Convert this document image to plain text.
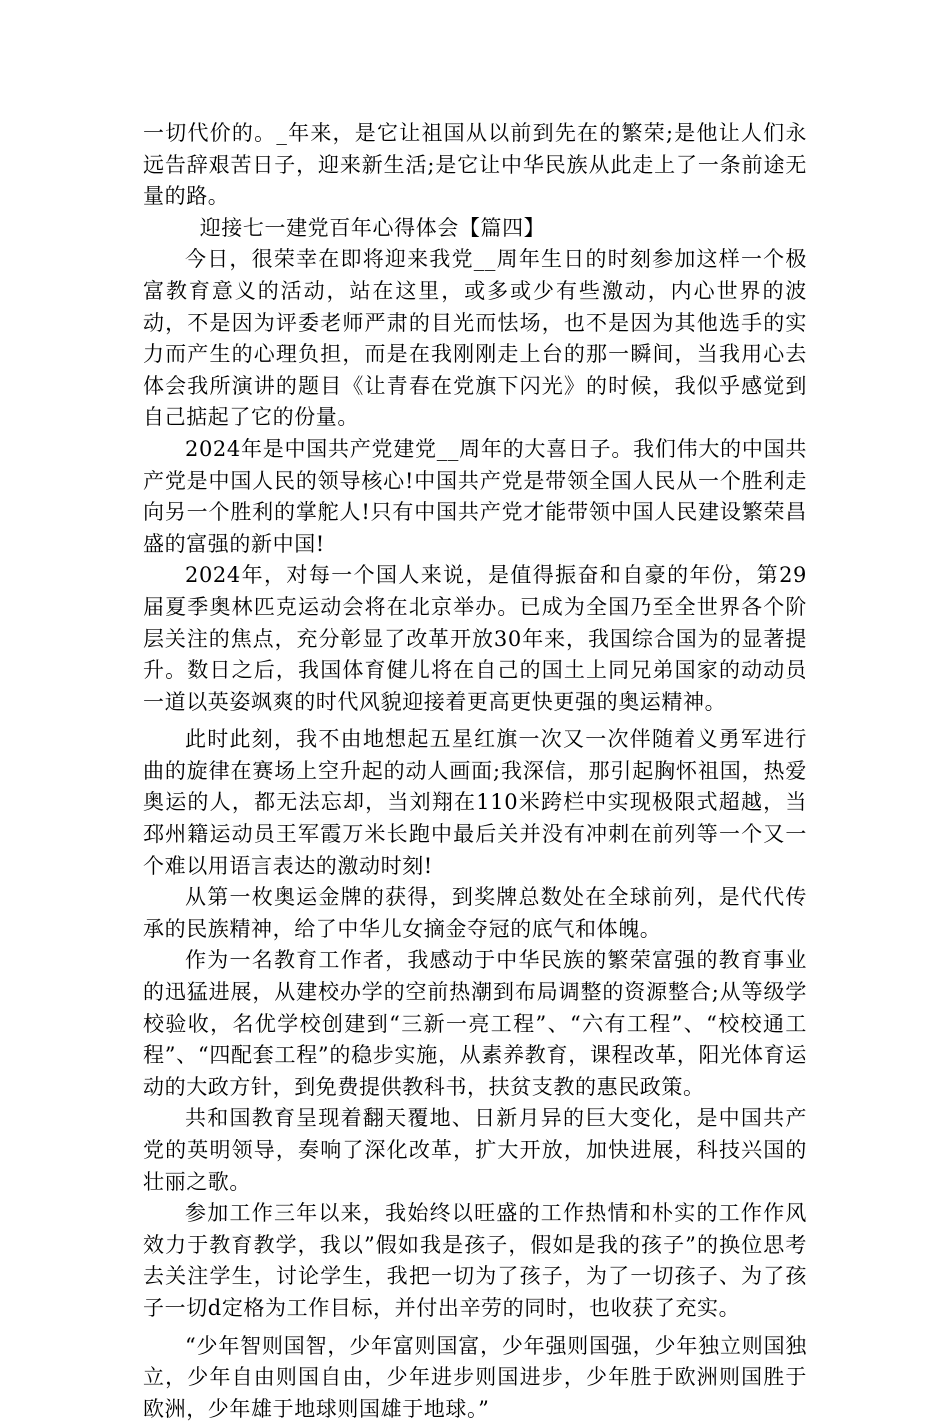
一切代价的。_年来，是它让祖国从以前到先在的繁荣;是他让人们永远告辞艰苦日子，迎来新生活;是它让中华民族从此走上了一条前途无量的路。

迎接七一建党百年心得体会【篇四】

今日，很荣幸在即将迎来我党__周年生日的时刻参加这样一个极富教育意义的活动，站在这里，或多或少有些激动，内心世界的波动，不是因为评委老师严肃的目光而怯场，也不是因为其他选手的实力而产生的心理负担，而是在我刚刚走上台的那一瞬间，当我用心去体会我所演讲的题目《让青春在党旗下闪光》的时候，我似乎感觉到自己掂起了它的份量。

2024年是中国共产党建党__周年的大喜日子。我们伟大的中国共产党是中国人民的领导核心!中国共产党是带领全国人民从一个胜利走向另一个胜利的掌舵人!只有中国共产党才能带领中国人民建设繁荣昌盛的富强的新中国!

2024年，对每一个国人来说，是值得振奋和自豪的年份，第29届夏季奥林匹克运动会将在北京举办。已成为全国乃至全世界各个阶层关注的焦点，充分彰显了改革开放30年来，我国综合国为的显著提升。数日之后，我国体育健儿将在自己的国土上同兄弟国家的动动员一道以英姿飒爽的时代风貌迎接着更高更快更强的奥运精神。

此时此刻，我不由地想起五星红旗一次又一次伴随着义勇军进行曲的旋律在赛场上空升起的动人画面;我深信，那引起胸怀祖国，热爱奥运的人，都无法忘却，当刘翔在110米跨栏中实现极限式超越，当邳州籍运动员王军霞万米长跑中最后关并没有冲刺在前列等一个又一个难以用语言表达的激动时刻!

从第一枚奥运金牌的获得，到奖牌总数处在全球前列，是代代传承的民族精神，给了中华儿女摘金夺冠的底气和体魄。

作为一名教育工作者，我感动于中华民族的繁荣富强的教育事业的迅猛进展，从建校办学的空前热潮到布局调整的资源整合;从等级学校验收，名优学校创建到“三新一亮工程”、“六有工程”、“校校通工程”、“四配套工程”的稳步实施，从素养教育，课程改革，阳光体育运动的大政方针，到免费提供教科书，扶贫支教的惠民政策。

共和国教育呈现着翻天覆地、日新月异的巨大变化，是中国共产党的英明领导，奏响了深化改革，扩大开放，加快进展，科技兴国的壮丽之歌。

参加工作三年以来，我始终以旺盛的工作热情和朴实的工作作风效力于教育教学，我以”假如我是孩子，假如是我的孩子”的换位思考去关注学生，讨论学生，我把一切为了孩子，为了一切孩子、为了孩子一切d定格为工作目标，并付出辛劳的同时，也收获了充实。

“少年智则国智，少年富则国富，少年强则国强，少年独立则国独立，少年自由则国自由，少年进步则国进步，少年胜于欧洲则国胜于欧洲，少年雄于地球则国雄于地球。”
